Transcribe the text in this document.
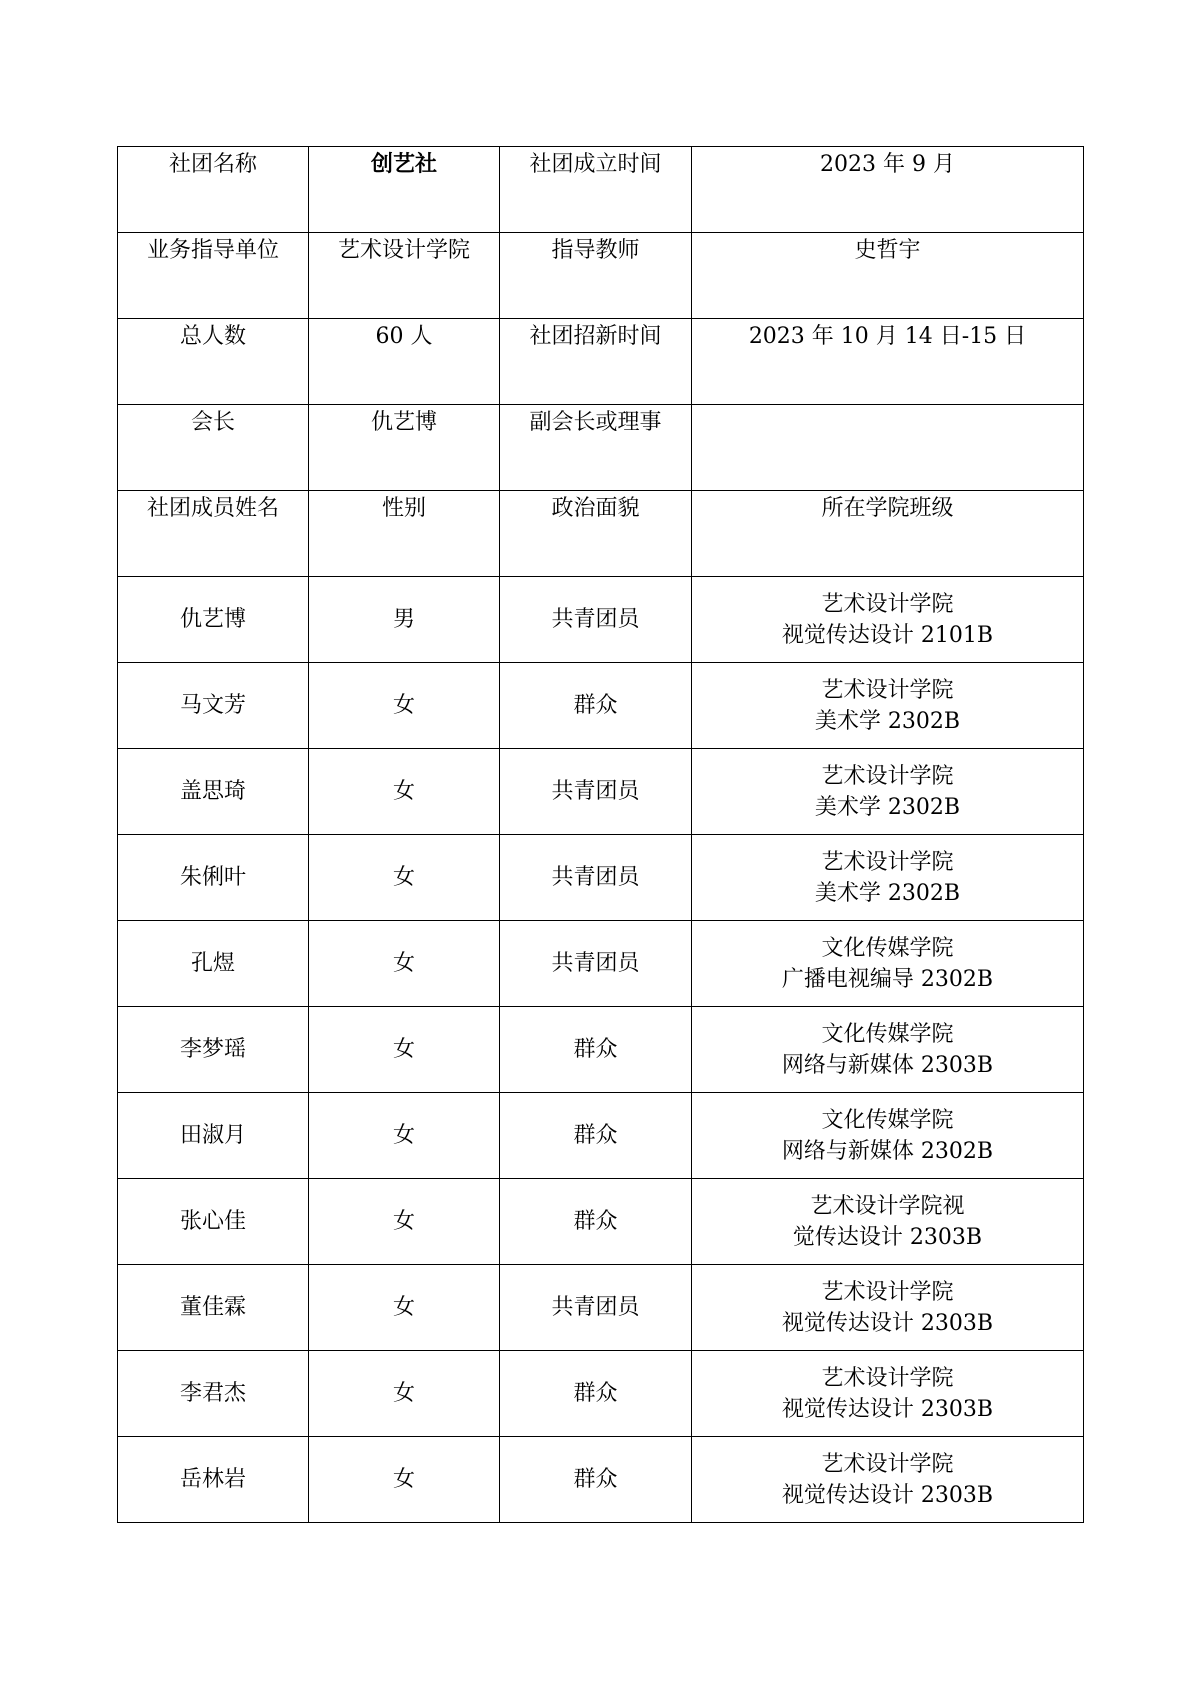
社团名称	创艺社	社团成立时间	2023 年 9 月
业务指导单位	艺术设计学院	指导教师	史哲宇
总人数	60 人	社团招新时间	2023 年 10 月 14 日-15 日
会长	仇艺博	副会长或理事	
社团成员姓名	性别	政治面貌	所在学院班级
仇艺博	男	共青团员	艺术设计学院
视觉传达设计 2101B

马文芳	女	群众	艺术设计学院
美术学 2302B

盖思琦	女	共青团员	艺术设计学院
美术学 2302B

朱俐叶	女	共青团员	艺术设计学院
美术学 2302B

孔煜	女	共青团员	文化传媒学院
广播电视编导 2302B

李梦瑶	女	群众	文化传媒学院
网络与新媒体 2303B

田淑月	女	群众	文化传媒学院
网络与新媒体 2302B

张心佳	女	群众	艺术设计学院视
觉传达设计 2303B

董佳霖	女	共青团员	艺术设计学院
视觉传达设计 2303B

李君杰	女	群众	艺术设计学院
视觉传达设计 2303B

岳林岩	女	群众	艺术设计学院
视觉传达设计 2303B
